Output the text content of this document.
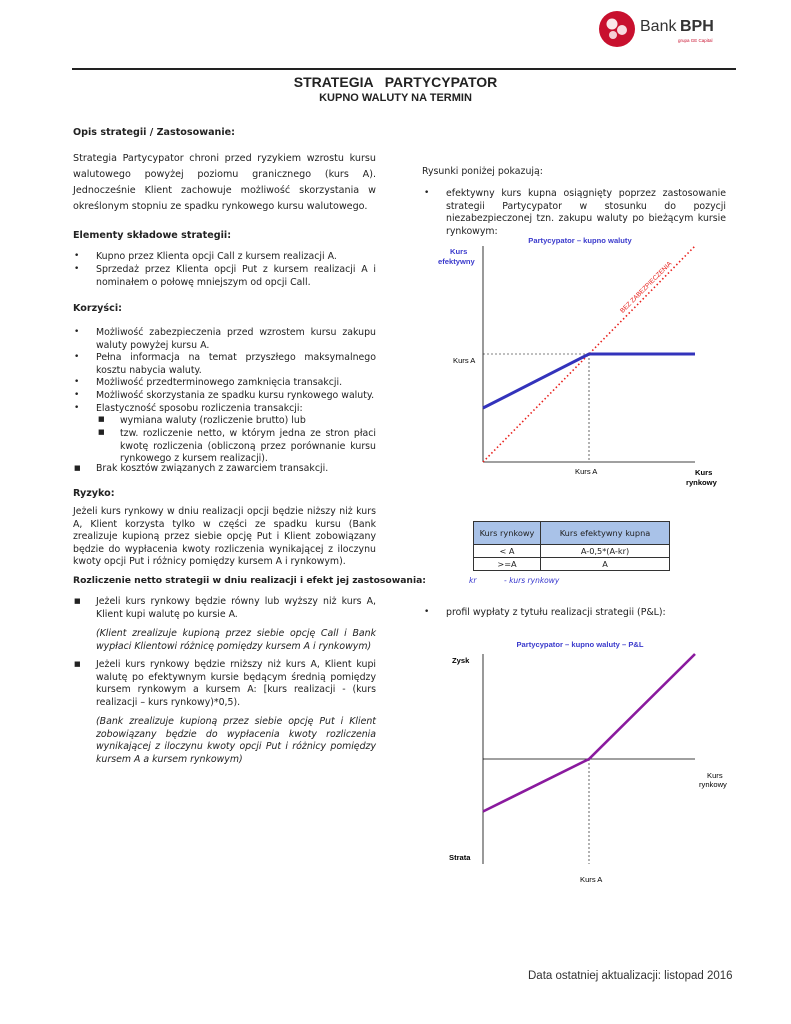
Bank BPH
grupa GE Capital
STRATEGIA   PARTYCYPATOR
KUPNO WALUTY NA TERMIN
Opis strategii / Zastosowanie:
Strategia Partycypator chroni przed ryzykiem wzrostu kursu walutowego powyżej poziomu granicznego (kurs A). Jednocześnie Klient zachowuje możliwość skorzystania w określonym stopniu ze spadku rynkowego kursu walutowego.
Elementy składowe strategii:
• Kupno przez Klienta opcji Call z kursem realizacji A.
• Sprzedaż przez Klienta opcji Put z kursem realizacji A i nominałem o połowę mniejszym od opcji Call.
Korzyści:
• Możliwość zabezpieczenia przed wzrostem kursu zakupu waluty powyżej kursu A.
• Pełna informacja na temat przyszłego maksymalnego kosztu nabycia waluty.
• Możliwość przedterminowego zamknięcia transakcji.
• Możliwość skorzystania ze spadku kursu rynkowego waluty.
• Elastyczność sposobu rozliczenia transakcji:
■ wymiana waluty (rozliczenie brutto) lub
■ tzw. rozliczenie netto, w którym jedna ze stron płaci kwotę rozliczenia (obliczoną przez porównanie kursu rynkowego z kursem realizacji).
■ Brak kosztów związanych z zawarciem transakcji.
Ryzyko:
Jeżeli kurs rynkowy w dniu realizacji opcji będzie niższy niż kurs A, Klient korzysta tylko w części ze spadku kursu (Bank zrealizuje kupioną przez siebie opcję Put i Klient zobowiązany będzie do wypłacenia kwoty rozliczenia wynikającej z iloczynu kwoty opcji Put i różnicy pomiędzy kursem A i rynkowym).
Rozliczenie netto strategii w dniu realizacji i efekt jej zastosowania:
■ Jeżeli kurs rynkowy będzie równy lub wyższy niż kurs A, Klient kupi walutę po kursie A.
(Klient zrealizuje kupioną przez siebie opcję Call i Bank wypłaci Klientowi różnicę pomiędzy kursem A i rynkowym)
■ Jeżeli kurs rynkowy będzie rniższy niż kurs A, Klient kupi walutę po efektywnym kursie będącym średnią pomiędzy kursem rynkowym a kursem A: [kurs realizacji - (kurs realizacji – kurs rynkowy)*0,5).
(Bank zrealizuje kupioną przez siebie opcję Put i Klient zobowiązany będzie do wypłacenia kwoty rozliczenia wynikającej z iloczynu kwoty opcji Put i różnicy pomiędzy kursem A a kursem rynkowym)
Rysunki poniżej pokazują:
• efektywny kurs kupna osiągnięty poprzez zastosowanie strategii Partycypator w stosunku do pozycji niezabezpieczonej tzn. zakupu waluty po bieżącym kursie rynkowym:
Partycypator – kupno waluty
Kurs
efektywny
Kurs A
Kurs A	Kurs
rynkowy
BEZ ZABEZPIECZENIA
Kurs rynkowy	Kurs efektywny kupna
< A	A-0,5*(A-kr)
>=A	A
kr	- kurs rynkowy
• profil wypłaty z tytułu realizacji strategii (P&L):
Partycypator – kupno waluty – P&L
Zysk
Strata
Kurs
rynkowy
Kurs A
Data ostatniej aktualizacji: listopad 2016
